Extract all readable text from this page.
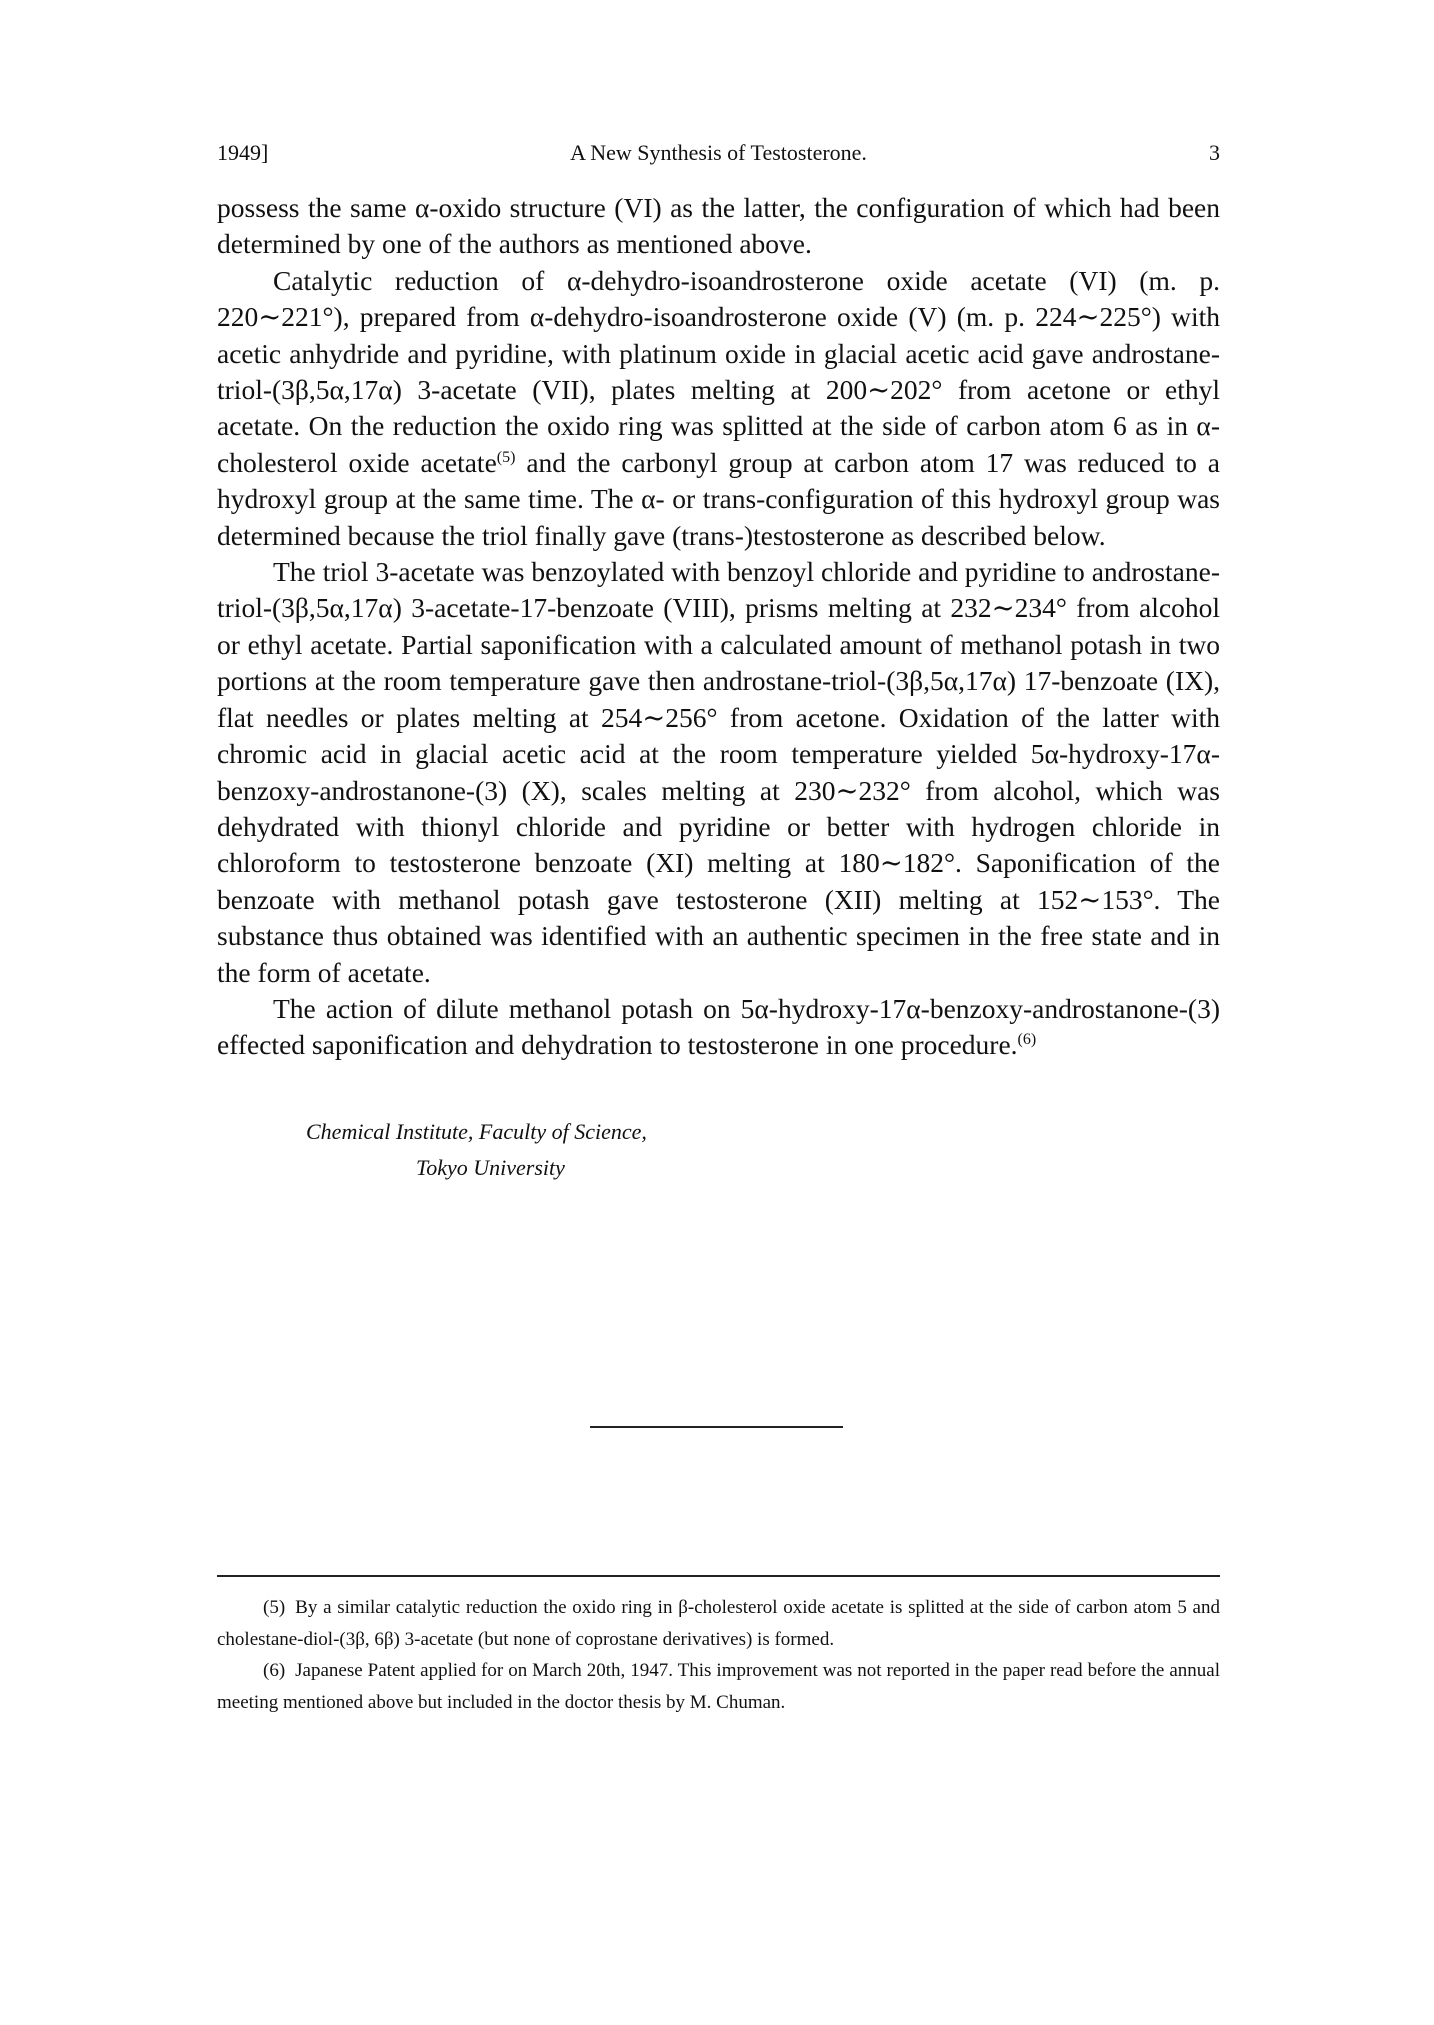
1949]	A New Synthesis of Testosterone.	3

possess the same α-oxido structure (VI) as the latter, the configuration of which had been determined by one of the authors as mentioned above.

Catalytic reduction of α-dehydro-isoandrosterone oxide acetate (VI) (m. p. 220∼221°), prepared from α-dehydro-isoandrosterone oxide (V) (m. p. 224∼225°) with acetic anhydride and pyridine, with platinum oxide in glacial acetic acid gave androstane-triol-(3β,5α,17α) 3-acetate (VII), plates melting at 200∼202° from acetone or ethyl acetate. On the reduction the oxido ring was splitted at the side of carbon atom 6 as in α-cholesterol oxide acetate$^{(5)}$ and the carbonyl group at carbon atom 17 was reduced to a hydroxyl group at the same time. The α- or trans-configuration of this hydroxyl group was determined because the triol finally gave (trans-)testosterone as described below.

The triol 3-acetate was benzoylated with benzoyl chloride and pyridine to androstane-triol-(3β,5α,17α) 3-acetate-17-benzoate (VIII), prisms melting at 232∼234° from alcohol or ethyl acetate. Partial saponification with a calculated amount of methanol potash in two portions at the room temperature gave then androstane-triol-(3β,5α,17α) 17-benzoate (IX), flat needles or plates melting at 254∼256° from acetone. Oxidation of the latter with chromic acid in glacial acetic acid at the room temperature yielded 5α-hydroxy-17α-benzoxy-androstanone-(3) (X), scales melting at 230∼232° from alcohol, which was dehydrated with thionyl chloride and pyridine or better with hydrogen chloride in chloroform to testosterone benzoate (XI) melting at 180∼182°. Saponification of the benzoate with methanol potash gave testosterone (XII) melting at 152∼153°. The substance thus obtained was identified with an authentic specimen in the free state and in the form of acetate.

The action of dilute methanol potash on 5α-hydroxy-17α-benzoxy-androstanone-(3) effected saponification and dehydration to testosterone in one procedure.$^{(6)}$

Chemical Institute, Faculty of Science,
Tokyo University

(5) By a similar catalytic reduction the oxido ring in β-cholesterol oxide acetate is splitted at the side of carbon atom 5 and cholestane-diol-(3β, 6β) 3-acetate (but none of coprostane derivatives) is formed.

(6) Japanese Patent applied for on March 20th, 1947. This improvement was not reported in the paper read before the annual meeting mentioned above but included in the doctor thesis by M. Chuman.
